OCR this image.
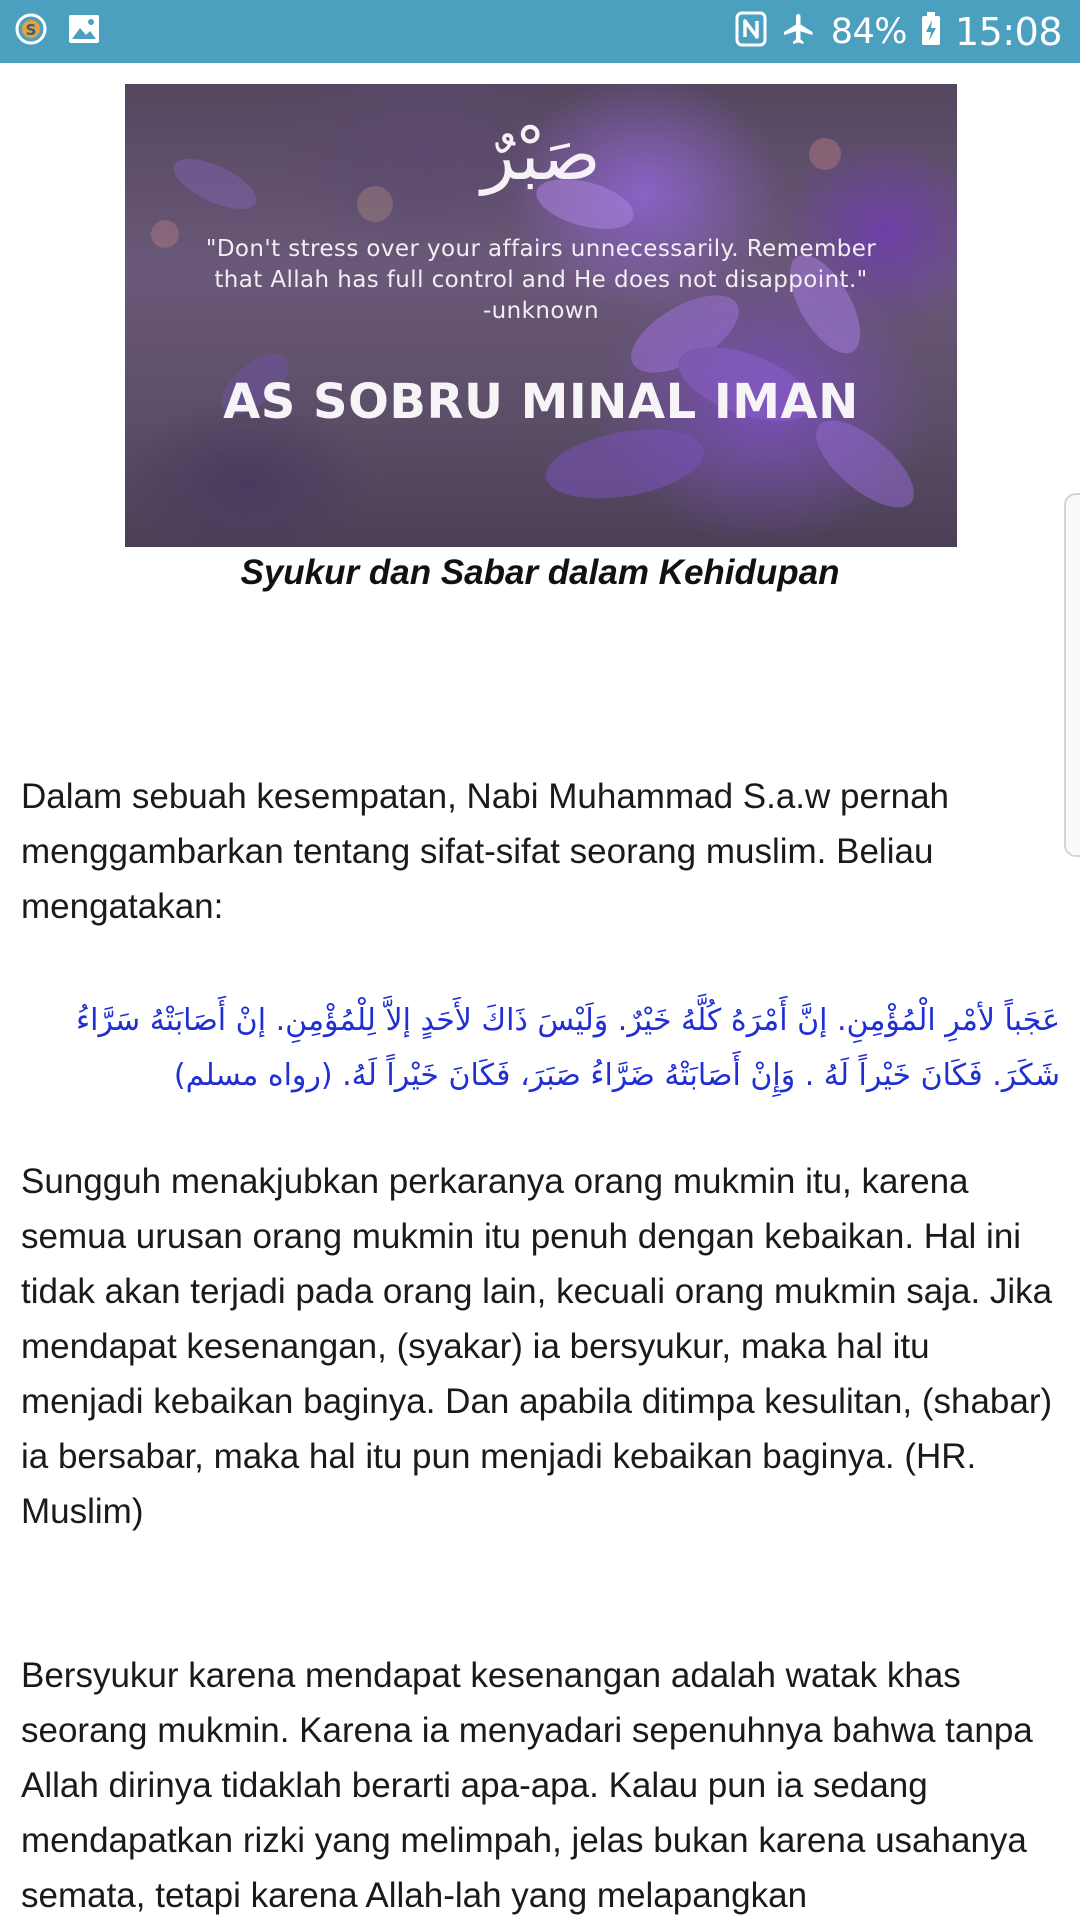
S	84% 15:08
صَبْرٌ
"Don't stress over your affairs unnecessarily. Remember that Allah has full control and He does not disappoint."
-unknown
AS SOBRU MINAL IMAN
Syukur dan Sabar dalam Kehidupan

Dalam sebuah kesempatan, Nabi Muhammad S.a.w pernah menggambarkan tentang sifat-sifat seorang muslim. Beliau mengatakan:

عَجَباً لأمْرِ الْمُؤْمِنِ. إنَّ أَمْرَهُ كُلَّهُ خَيْرٌ. وَلَيْسَ ذَاكَ لأَحَدٍ إلاَّ لِلْمُؤْمِنِ. إنْ أَصَابَتْهُ سَرَّاءُ شَكَرَ. فَكَانَ خَيْراً لَهُ . وَإِنْ أَصَابَتْهُ ضَرَّاءُ صَبَرَ، فَكَانَ خَيْراً لَهُ. (رواه مسلم)

Sungguh menakjubkan perkaranya orang mukmin itu, karena semua urusan orang mukmin itu penuh dengan kebaikan. Hal ini tidak akan terjadi pada orang lain, kecuali orang mukmin saja. Jika mendapat kesenangan, (syakar) ia bersyukur, maka hal itu menjadi kebaikan baginya. Dan apabila ditimpa kesulitan, (shabar) ia bersabar, maka hal itu pun menjadi kebaikan baginya. (HR. Muslim)

Bersyukur karena mendapat kesenangan adalah watak khas seorang mukmin. Karena ia menyadari sepenuhnya bahwa tanpa Allah dirinya tidaklah berarti apa-apa. Kalau pun ia sedang mendapatkan rizki yang melimpah, jelas bukan karena usahanya semata, tetapi karena Allah-lah yang melapangkan
